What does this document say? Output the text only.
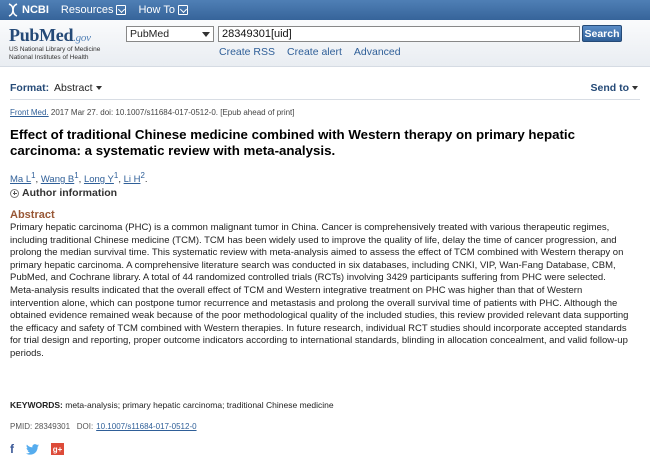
NCBI Resources How To
PubMed.gov
US National Library of Medicine
National Institutes of Health
PubMed
28349301[uid]	Search
Create RSS Create alert Advanced
Format: Abstract	Send to
Front Med. 2017 Mar 27. doi: 10.1007/s11684-017-0512-0. [Epub ahead of print]
Effect of traditional Chinese medicine combined with Western therapy on primary hepatic carcinoma: a systematic review with meta-analysis.
Ma $L^1$, Wang $B^1$, Long $Y^1$, Li $H^2$.
Author information
Abstract
Primary hepatic carcinoma (PHC) is a common malignant tumor in China. Cancer is comprehensively treated with various therapeutic regimes, including traditional Chinese medicine (TCM). TCM has been widely used to improve the quality of life, delay the time of cancer progression, and prolong the median survival time. This systematic review with meta-analysis aimed to assess the effect of TCM combined with Western therapy on primary hepatic carcinoma. A comprehensive literature search was conducted in six databases, including CNKI, VIP, Wan-Fang Database, CBM, PubMed, and Cochrane library. A total of 44 randomized controlled trials (RCTs) involving 3429 participants suffering from PHC were selected. Meta-analysis results indicated that the overall effect of TCM and Western integrative treatment on PHC was higher than that of Western intervention alone, which can postpone tumor recurrence and metastasis and prolong the overall survival time of patients with PHC. Although the obtained evidence remained weak because of the poor methodological quality of the included studies, this review provided relevant data supporting the efficacy and safety of TCM combined with Western therapies. In future research, individual RCT studies should incorporate accepted standards for trial design and reporting, proper outcome indicators according to international standards, blinding in allocation concealment, and valid follow-up periods.
KEYWORDS: meta-analysis; primary hepatic carcinoma; traditional Chinese medicine
PMID: 28349301 DOI: 10.1007/s11684-017-0512-0
f	g+
